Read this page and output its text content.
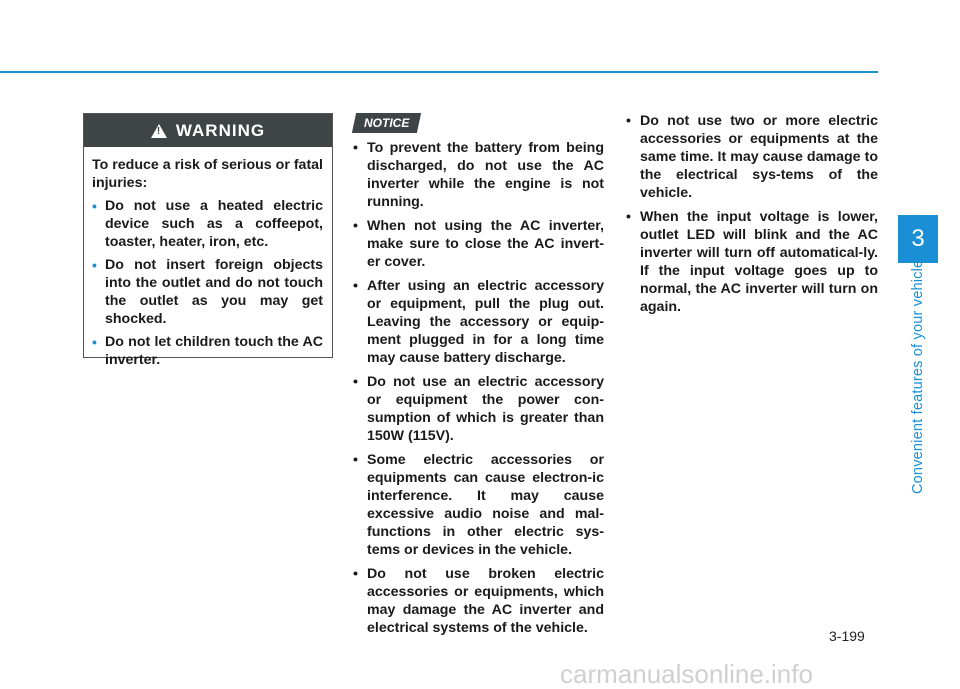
3
Convenient features of your vehicle
! WARNING
To reduce a risk of serious or fatal injuries:
• Do not use a heated electric device such as a coffeepot, toaster, heater, iron, etc.
• Do not insert foreign objects into the outlet and do not touch the outlet as you may get shocked.
• Do not let children touch the AC inverter.
NOTICE
• To prevent the battery from being discharged, do not use the AC inverter while the engine is not running.
• When not using the AC inverter, make sure to close the AC invert-er cover.
• After using an electric accessory or equipment, pull the plug out. Leaving the accessory or equip-ment plugged in for a long time may cause battery discharge.
• Do not use an electric accessory or equipment the power con-sumption of which is greater than 150W (115V).
• Some electric accessories or equipments can cause electron-ic interference. It may cause excessive audio noise and mal-functions in other electric sys-tems or devices in the vehicle.
• Do not use broken electric accessories or equipments, which may damage the AC inverter and electrical systems of the vehicle.
• Do not use two or more electric accessories or equipments at the same time. It may cause damage to the electrical sys-tems of the vehicle.
• When the input voltage is lower, outlet LED will blink and the AC inverter will turn off automatical-ly. If the input voltage goes up to normal, the AC inverter will turn on again.
3-199
carmanualsonline.info
